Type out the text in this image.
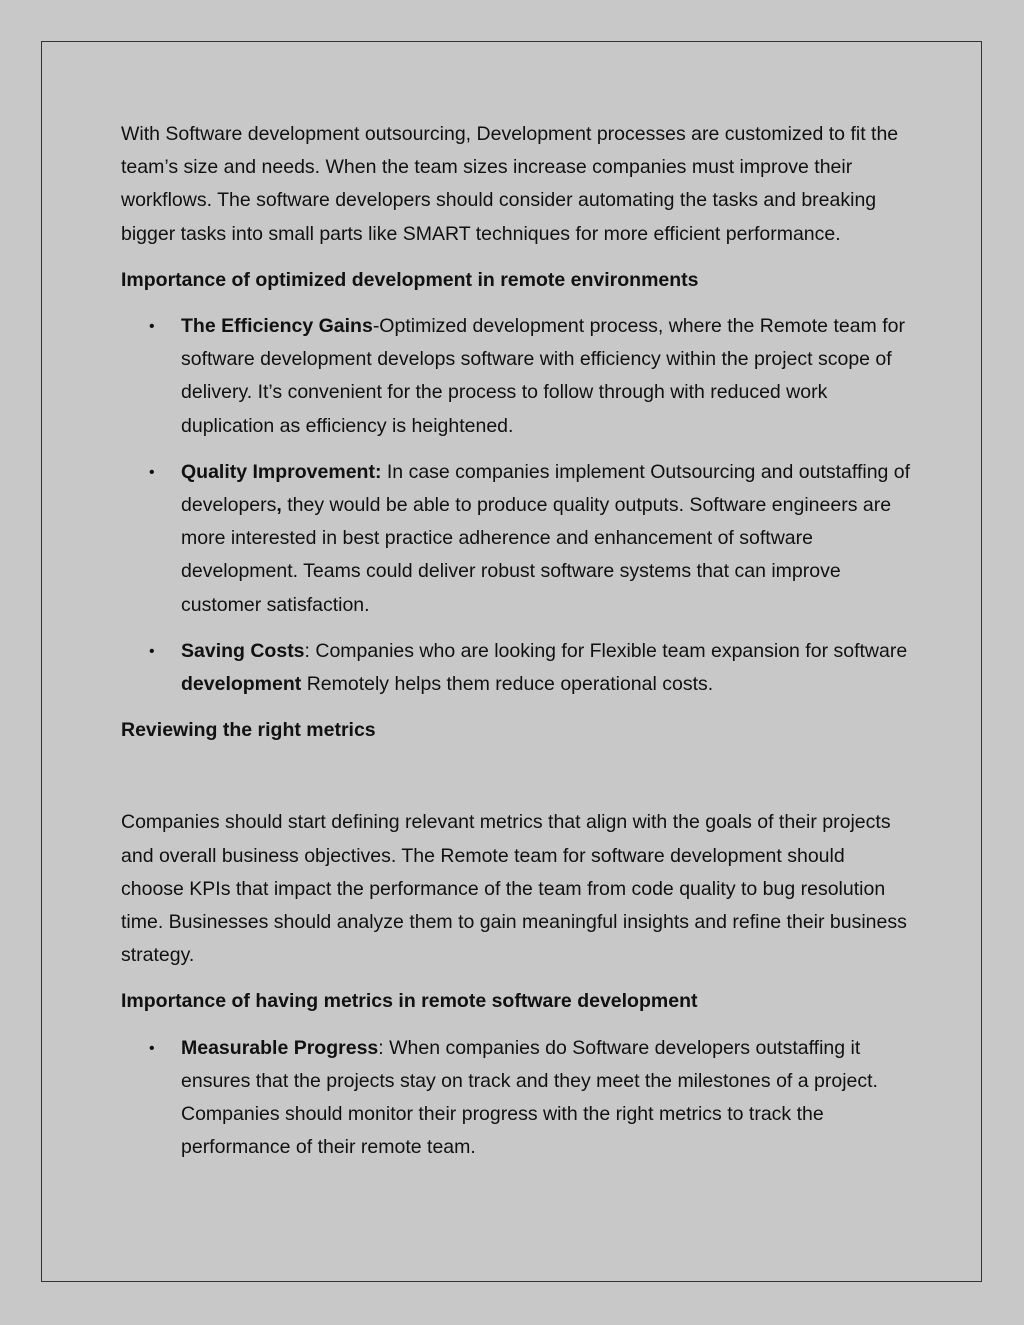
With Software development outsourcing, Development processes are customized to fit the team’s size and needs. When the team sizes increase companies must improve their workflows. The software developers should consider automating the tasks and breaking bigger tasks into small parts like SMART techniques for more efficient performance.

Importance of optimized development in remote environments

• The Efficiency Gains-Optimized development process, where the Remote team for software development develops software with efficiency within the project scope of delivery. It’s convenient for the process to follow through with reduced work duplication as efficiency is heightened.
• Quality Improvement: In case companies implement Outsourcing and outstaffing of developers, they would be able to produce quality outputs. Software engineers are more interested in best practice adherence and enhancement of software development. Teams could deliver robust software systems that can improve customer satisfaction.
• Saving Costs: Companies who are looking for Flexible team expansion for software development Remotely helps them reduce operational costs.

Reviewing the right metrics

Companies should start defining relevant metrics that align with the goals of their projects and overall business objectives. The Remote team for software development should choose KPIs that impact the performance of the team from code quality to bug resolution time. Businesses should analyze them to gain meaningful insights and refine their business strategy.

Importance of having metrics in remote software development

• Measurable Progress: When companies do Software developers outstaffing it ensures that the projects stay on track and they meet the milestones of a project. Companies should monitor their progress with the right metrics to track the performance of their remote team.
